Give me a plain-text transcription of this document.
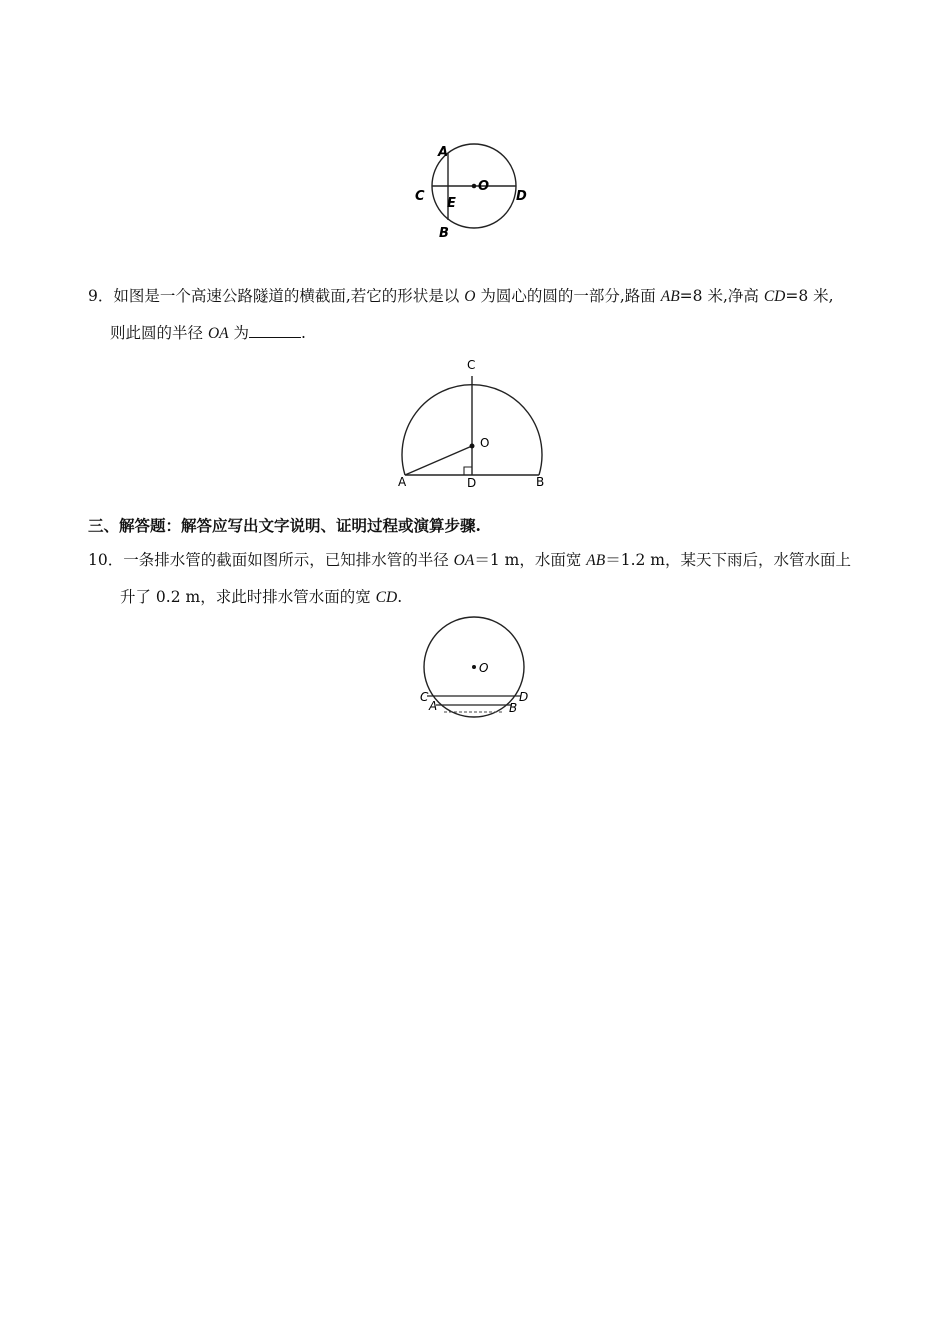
A
O
C	D
E
B
9．如图是一个高速公路隧道的横截面,若它的形状是以 O 为圆心的圆的一部分,路面 AB=8 米,净高 CD=8 米,
则此圆的半径 OA 为	.
C
O
A	D	B
三、解答题：解答应写出文字说明、证明过程或演算步骤.
10．一条排水管的截面如图所示，已知排水管的半径 OA＝1 m，水面宽 AB＝1.2 m，某天下雨后，水管水面上
升了 0.2 m，求此时排水管水面的宽 CD.
O
C	D
A	B
